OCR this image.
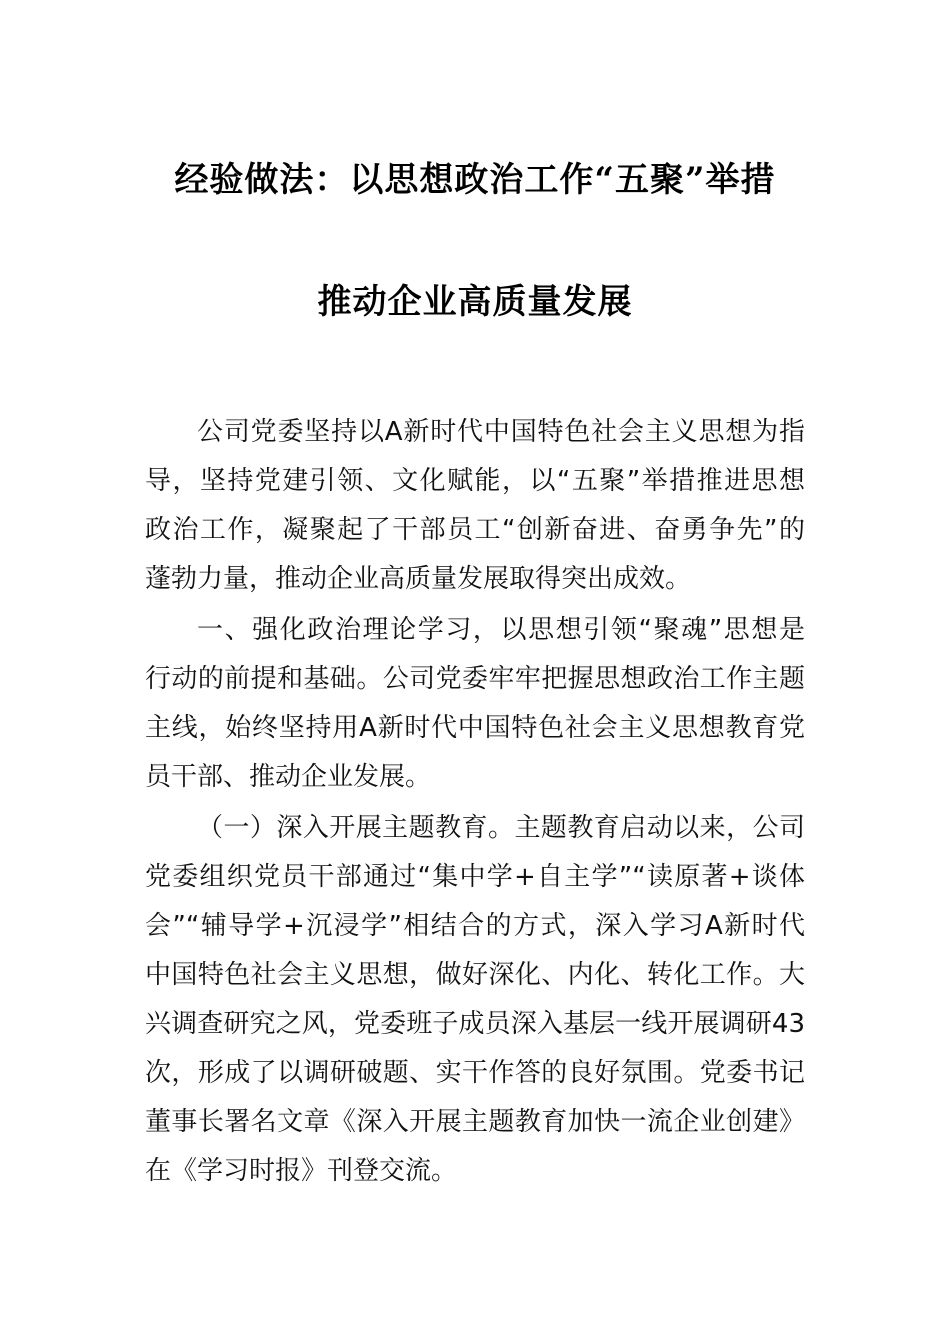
经验做法：以思想政治工作“五聚”举措
推动企业高质量发展
公司党委坚持以A新时代中国特色社会主义思想为指
导，坚持党建引领、文化赋能，以“五聚”举措推进思想
政治工作，凝聚起了干部员工“创新奋进、奋勇争先”的
蓬勃力量，推动企业高质量发展取得突出成效。
一、强化政治理论学习，以思想引领“聚魂”思想是
行动的前提和基础。公司党委牢牢把握思想政治工作主题
主线，始终坚持用A新时代中国特色社会主义思想教育党
员干部、推动企业发展。
（一）深入开展主题教育。主题教育启动以来，公司
党委组织党员干部通过“集中学+自主学”“读原著+谈体
会”“辅导学+沉浸学”相结合的方式，深入学习A新时代
中国特色社会主义思想，做好深化、内化、转化工作。大
兴调查研究之风，党委班子成员深入基层一线开展调研43
次，形成了以调研破题、实干作答的良好氛围。党委书记
董事长署名文章《深入开展主题教育加快一流企业创建》
在《学习时报》刊登交流。
